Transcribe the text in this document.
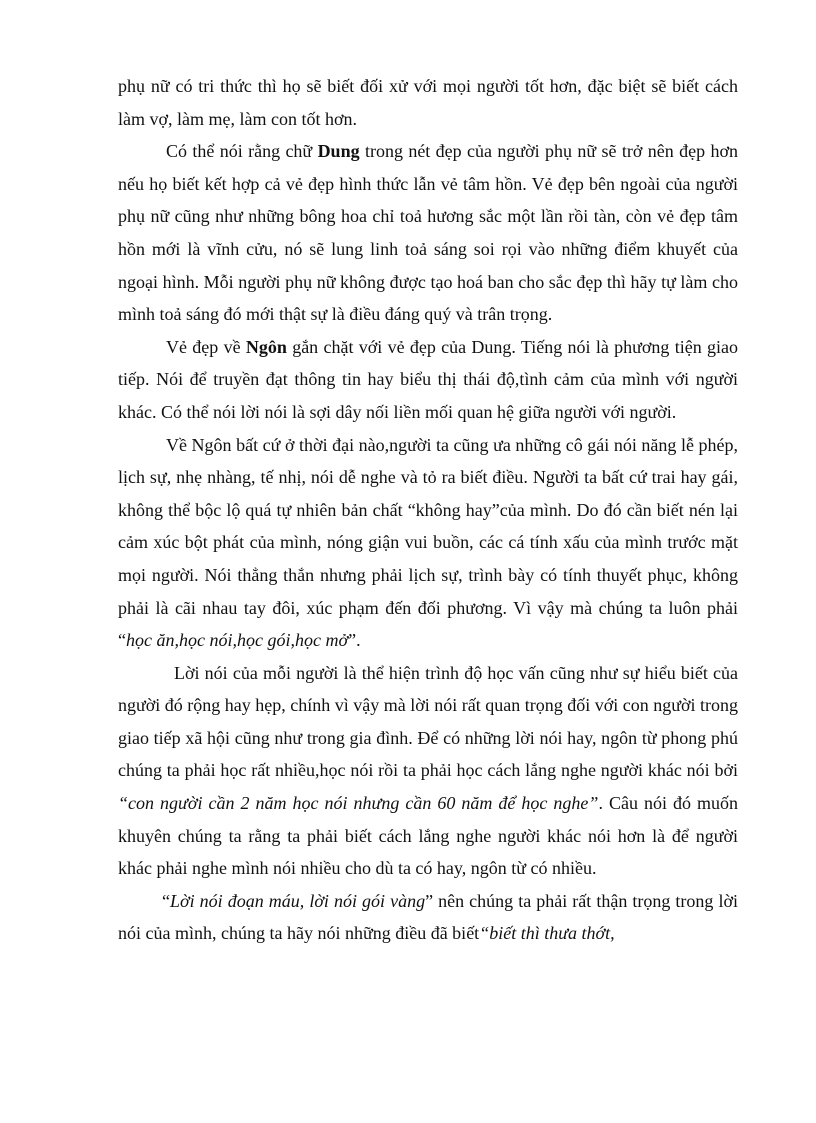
phụ nữ có tri thức thì họ sẽ biết đối xử với mọi người tốt hơn, đặc biệt sẽ biết cách làm vợ, làm mẹ, làm con tốt hơn.

Có thể nói rằng chữ Dung trong nét đẹp của người phụ nữ sẽ trở nên đẹp hơn nếu họ biết kết hợp cả vẻ đẹp hình thức lẫn vẻ tâm hồn. Vẻ đẹp bên ngoài của người phụ nữ cũng như những bông hoa chỉ toả hương sắc một lần rồi tàn, còn vẻ đẹp tâm hồn mới là vĩnh cửu, nó sẽ lung linh toả sáng soi rọi vào những điểm khuyết của ngoại hình. Mỗi người phụ nữ không được tạo hoá ban cho sắc đẹp thì hãy tự làm cho mình toả sáng đó mới thật sự là điều đáng quý và trân trọng.

Vẻ đẹp về Ngôn gắn chặt với vẻ đẹp của Dung. Tiếng nói là phương tiện giao tiếp. Nói để truyền đạt thông tin hay biểu thị thái độ,tình cảm của mình với người khác. Có thể nói lời nói là sợi dây nối liền mối quan hệ giữa người với người.

Về Ngôn bất cứ ở thời đại nào,người ta cũng ưa những cô gái nói năng lễ phép, lịch sự, nhẹ nhàng, tế nhị, nói dễ nghe và tỏ ra biết điều. Người ta bất cứ trai hay gái, không thể bộc lộ quá tự nhiên bản chất “không hay”của mình. Do đó cần biết nén lại cảm xúc bột phát của mình, nóng giận vui buồn, các cá tính xấu của mình trước mặt mọi người. Nói thẳng thắn nhưng phải lịch sự, trình bày có tính thuyết phục, không phải là cãi nhau tay đôi, xúc phạm đến đối phương. Vì vậy mà chúng ta luôn phải “học ăn,học nói,học gói,học mở”.

Lời nói của mỗi người là thể hiện trình độ học vấn cũng như sự hiểu biết của người đó rộng hay hẹp, chính vì vậy mà lời nói rất quan trọng đối với con người trong giao tiếp xã hội cũng như trong gia đình. Để có những lời nói hay, ngôn từ phong phú chúng ta phải học rất nhiều,học nói rồi ta phải học cách lắng nghe người khác nói bởi “con người cần 2 năm học nói nhưng cần 60 năm để học nghe”. Câu nói đó muốn khuyên chúng ta rằng ta phải biết cách lắng nghe người khác nói hơn là để người khác phải nghe mình nói nhiều cho dù ta có hay, ngôn từ có nhiều.

“Lời nói đoạn máu, lời nói gói vàng” nên chúng ta phải rất thận trọng trong lời nói của mình, chúng ta hãy nói những điều đã biết“biết thì thưa thớt,
